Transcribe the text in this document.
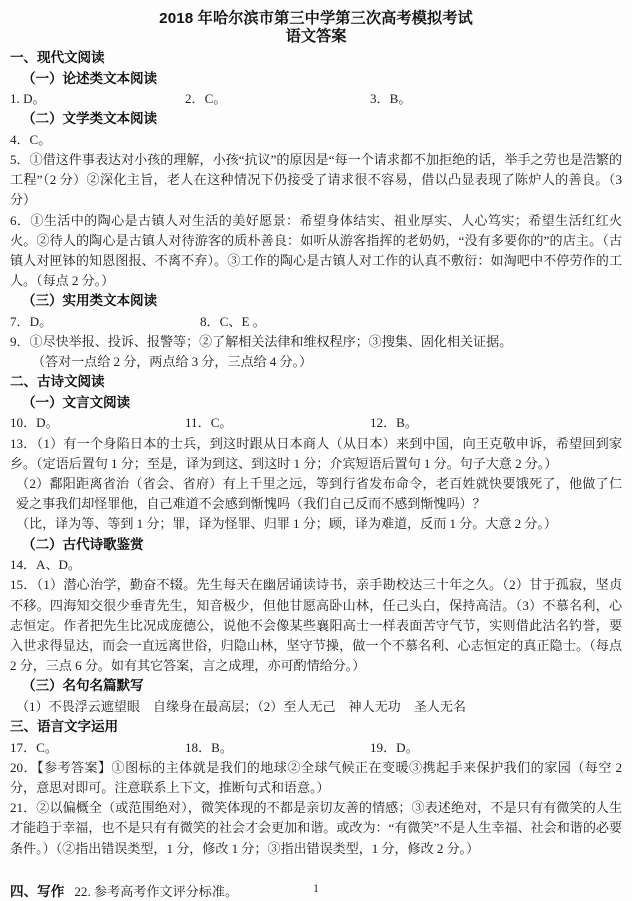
2018 年哈尔滨市第三中学第三次高考模拟考试
语文答案
一、现代文阅读
（一）论述类文本阅读
1. D。	2．C。	3．B。
（二）文学类文本阅读
4．C。
5．①借这件事表达对小孩的理解，小孩“抗议”的原因是“每一个请求都不加拒绝的话，举手之劳也是浩繁的工程”（2 分）②深化主旨，老人在这种情况下仍接受了请求很不容易，借以凸显表现了陈炉人的善良。（3 分）
6．①生活中的陶心是古镇人对生活的美好愿景：希望身体结实、祖业厚实、人心笃实；希望生活红红火火。②待人的陶心是古镇人对待游客的质朴善良：如听从游客指挥的老奶奶，“没有多要你的”的店主。（古镇人对匣钵的知恩图报、不离不弃）。③工作的陶心是古镇人对工作的认真不敷衍：如淘吧中不停劳作的工人。（每点 2 分。）
（三）实用类文本阅读
7．D。	8．C、E 。
9．①尽快举报、投诉、报警等；②了解相关法律和维权程序；③搜集、固化相关证据。
（答对一点给 2 分，两点给 3 分，三点给 4 分。）
二、古诗文阅读
（一）文言文阅读
10．D。	11．C。	12．B。
13．（1）有一个身陷日本的士兵，到这时跟从日本商人（从日本）来到中国，向王克敬申诉，希望回到家乡。（定语后置句 1 分；至是，译为到这、到这时 1 分；介宾短语后置句 1 分。句子大意 2 分。）
（2）鄱阳距离省治（省会、省府）有上千里之远，等到行省发布命令，老百姓就快要饿死了，他做了仁爱之事我们却怪罪他，自己难道不会感到惭愧吗（我们自己反而不感到惭愧吗）？
（比，译为等、等到 1 分；罪，译为怪罪、归罪 1 分；顾，译为难道，反而 1 分。大意 2 分。）
（二）古代诗歌鉴赏
14．A、D。
15．（1）潜心治学，勤奋不辍。先生每天在幽居诵读诗书，亲手勘校达三十年之久。（2）甘于孤寂，坚贞不移。四海知交很少垂青先生，知音极少，但他甘愿高卧山林，任己头白，保持高洁。（3）不慕名利，心志恒定。作者把先生比况成庞德公，说他不会像某些襄阳高士一样表面苦守气节，实则借此沽名钓誉，要入世求得显达，而会一直远离世俗，归隐山林，坚守节操，做一个不慕名利、心志恒定的真正隐士。（每点 2 分，三点 6 分。如有其它答案，言之成理，亦可酌情给分。）
（三）名句名篇默写
（1）不畏浮云遮望眼　自缘身在最高层；（2）至人无己　神人无功　圣人无名
三、语言文字运用
17．C。	18．B。	19．D。
20．【参考答案】①图标的主体就是我们的地球②全球气候正在变暖③携起手来保护我们的家园（每空 2 分，意思对即可。注意联系上下文，推断句式和语意。）
21．②以偏概全（或范围绝对），微笑体现的不都是亲切友善的情感；③表述绝对，不是只有有微笑的人生才能趋于幸福，也不是只有有微笑的社会才会更加和谐。或改为：“有微笑”不是人生幸福、社会和谐的必要条件。）（②指出错误类型，1 分，修改 1 分；③指出错误类型，1 分，修改 2 分。）
四、写作 22. 参考高考作文评分标准。	1
